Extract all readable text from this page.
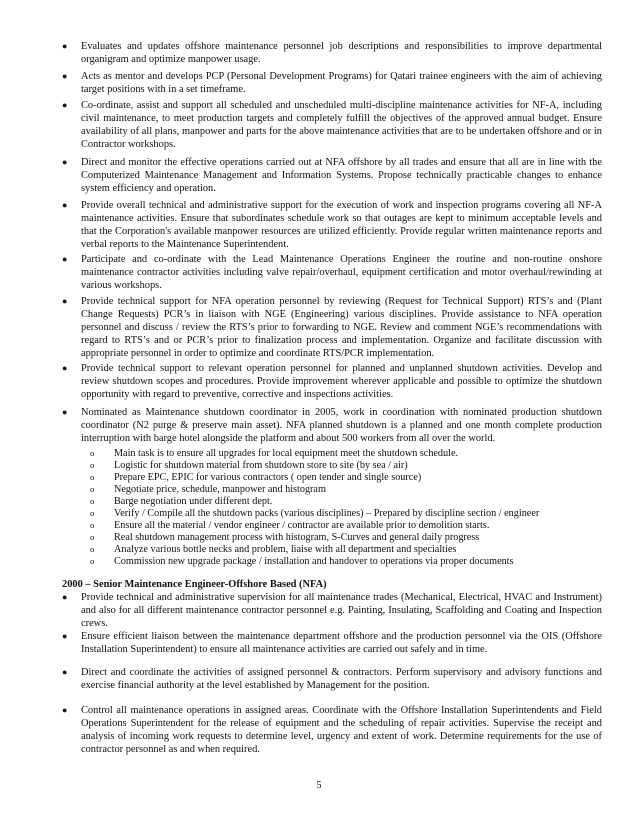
●	Evaluates and updates offshore maintenance personnel job descriptions and responsibilities to improve departmental organigram and optimize manpower usage.
●	Acts as mentor and develops PCP (Personal Development Programs) for Qatari trainee engineers with the aim of achieving target positions with in a set timeframe.
●	Co-ordinate, assist and support all scheduled and unscheduled multi-discipline maintenance activities for NF-A, including civil maintenance, to meet production targets and completely fulfill the objectives of the approved annual budget. Ensure availability of all plans, manpower and parts for the above maintenance activities that are to be undertaken offshore and or in Contractor workshops.
●	Direct and monitor the effective operations carried out at NFA offshore by all trades and ensure that all are in line with the Computerized Maintenance Management and Information Systems. Propose technically practicable changes to enhance system efficiency and operation.
●	Provide overall technical and administrative support for the execution of work and inspection programs covering all NF-A maintenance activities. Ensure that subordinates schedule work so that outages are kept to minimum acceptable levels and that the Corporation's available manpower resources are utilized efficiently. Provide regular written maintenance reports and verbal reports to the Maintenance Superintendent.
●	Participate and co-ordinate with the Lead Maintenance Operations Engineer the routine and non-routine onshore maintenance contractor activities including valve repair/overhaul, equipment certification and motor overhaul/rewinding at various workshops.
●	Provide technical support for NFA operation personnel by reviewing (Request for Technical Support) RTS’s and (Plant Change Requests) PCR’s in liaison with NGE (Engineering) various disciplines. Provide assistance to NFA operation personnel and discuss / review the RTS’s prior to forwarding to NGE. Review and comment NGE’s recommendations with regard to RTS’s and or PCR’s prior to finalization process and implementation. Organize and facilitate discussion with appropriate personnel in order to optimize and coordinate RTS/PCR implementation.
●	Provide technical support to relevant operation personnel for planned and unplanned shutdown activities. Develop and review shutdown scopes and procedures. Provide improvement wherever applicable and possible to optimize the shutdown opportunity with regard to preventive, corrective and inspections activities.
●	Nominated as Maintenance shutdown coordinator in 2005, work in coordination with nominated production shutdown coordinator (N2 purge & preserve main asset). NFA planned shutdown is a planned and one month complete production interruption with barge hotel alongside the platform and about 500 workers from all over the world.
o	Main task is to ensure all upgrades for local equipment meet the shutdown schedule.
o	Logistic for shutdown material from shutdown store to site (by sea / air)
o	Prepare EPC, EPIC for various contractors ( open tender and single source)
o	Negotiate price, schedule, manpower and histogram
o	Barge negotiation under different dept.
o	Verify / Compile all the shutdown packs (various disciplines) – Prepared by discipline section / engineer
o	Ensure all the material / vendor engineer / contractor are available prior to demolition starts.
o	Real shutdown management process with histogram, S-Curves and general daily progress
o	Analyze various bottle necks and problem, liaise with all department and specialties
o	Commission new upgrade package / installation and handover to operations via proper documents
2000 – Senior Maintenance Engineer-Offshore Based (NFA)
●	Provide technical and administrative supervision for all maintenance trades (Mechanical, Electrical, HVAC and Instrument) and also for all different maintenance contractor personnel e.g. Painting, Insulating, Scaffolding and Coating and Inspection crews.
●	Ensure efficient liaison between the maintenance department offshore and the production personnel via the OIS (Offshore Installation Superintendent) to ensure all maintenance activities are carried out safely and in time.
●	Direct and coordinate the activities of assigned personnel & contractors. Perform supervisory and advisory functions and exercise financial authority at the level established by Management for the position.
●	Control all maintenance operations in assigned areas. Coordinate with the Offshore Installation Superintendents and Field Operations Superintendent for the release of equipment and the scheduling of repair activities. Supervise the receipt and analysis of incoming work requests to determine level, urgency and extent of work. Determine requirements for the use of contractor personnel as and when required.
5
